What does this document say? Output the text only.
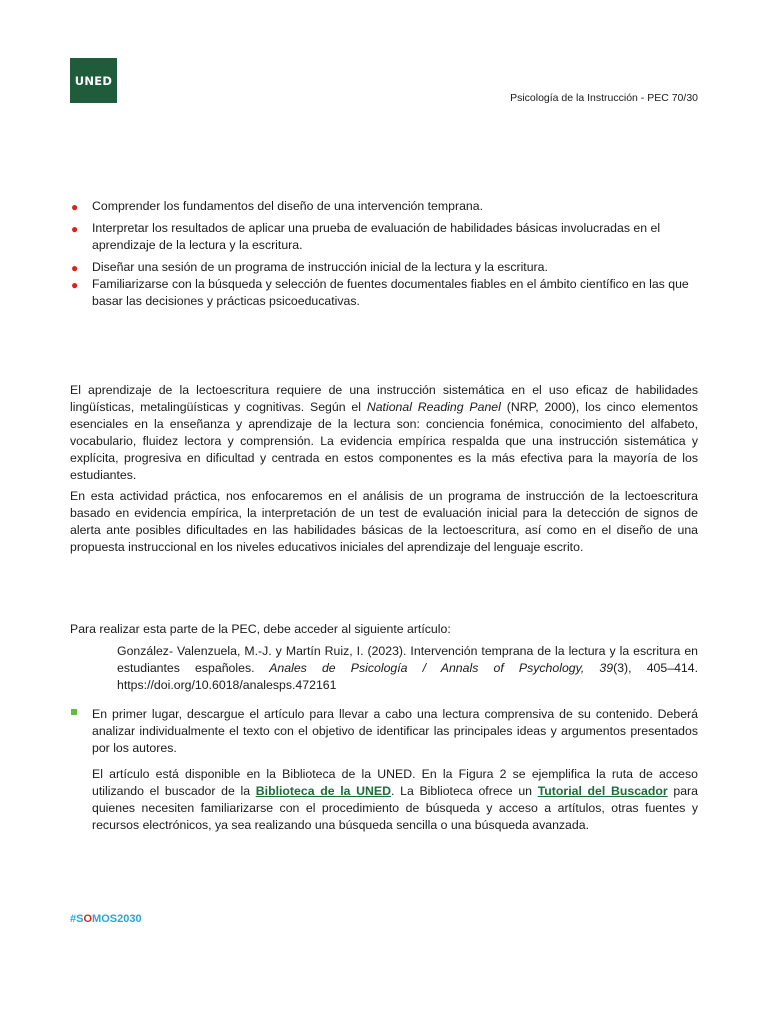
UNED
Psicología de la Instrucción - PEC 70/30
● Comprender los fundamentos del diseño de una intervención temprana.
● Interpretar los resultados de aplicar una prueba de evaluación de habilidades básicas involucradas en el aprendizaje de la lectura y la escritura.
● Diseñar una sesión de un programa de instrucción inicial de la lectura y la escritura.
● Familiarizarse con la búsqueda y selección de fuentes documentales fiables en el ámbito científico en las que basar las decisiones y prácticas psicoeducativas.

El aprendizaje de la lectoescritura requiere de una instrucción sistemática en el uso eficaz de habilidades lingüísticas, metalingüísticas y cognitivas. Según el National Reading Panel (NRP, 2000), los cinco elementos esenciales en la enseñanza y aprendizaje de la lectura son: conciencia fonémica, conocimiento del alfabeto, vocabulario, fluidez lectora y comprensión. La evidencia empírica respalda que una instrucción sistemática y explícita, progresiva en dificultad y centrada en estos componentes es la más efectiva para la mayoría de los estudiantes.

En esta actividad práctica, nos enfocaremos en el análisis de un programa de instrucción de la lectoescritura basado en evidencia empírica, la interpretación de un test de evaluación inicial para la detección de signos de alerta ante posibles dificultades en las habilidades básicas de la lectoescritura, así como en el diseño de una propuesta instruccional en los niveles educativos iniciales del aprendizaje del lenguaje escrito.

Para realizar esta parte de la PEC, debe acceder al siguiente artículo:

González- Valenzuela, M.-J. y Martín Ruiz, I. (2023). Intervención temprana de la lectura y la escritura en estudiantes españoles. Anales de Psicología / Annals of Psychology, 39(3), 405–414. https://doi.org/10.6018/analesps.472161

En primer lugar, descargue el artículo para llevar a cabo una lectura comprensiva de su contenido. Deberá analizar individualmente el texto con el objetivo de identificar las principales ideas y argumentos presentados por los autores.

El artículo está disponible en la Biblioteca de la UNED. En la Figura 2 se ejemplifica la ruta de acceso utilizando el buscador de la Biblioteca de la UNED. La Biblioteca ofrece un Tutorial del Buscador para quienes necesiten familiarizarse con el procedimiento de búsqueda y acceso a artítulos, otras fuentes y recursos electrónicos, ya sea realizando una búsqueda sencilla o una búsqueda avanzada.

#SOMOS2030
